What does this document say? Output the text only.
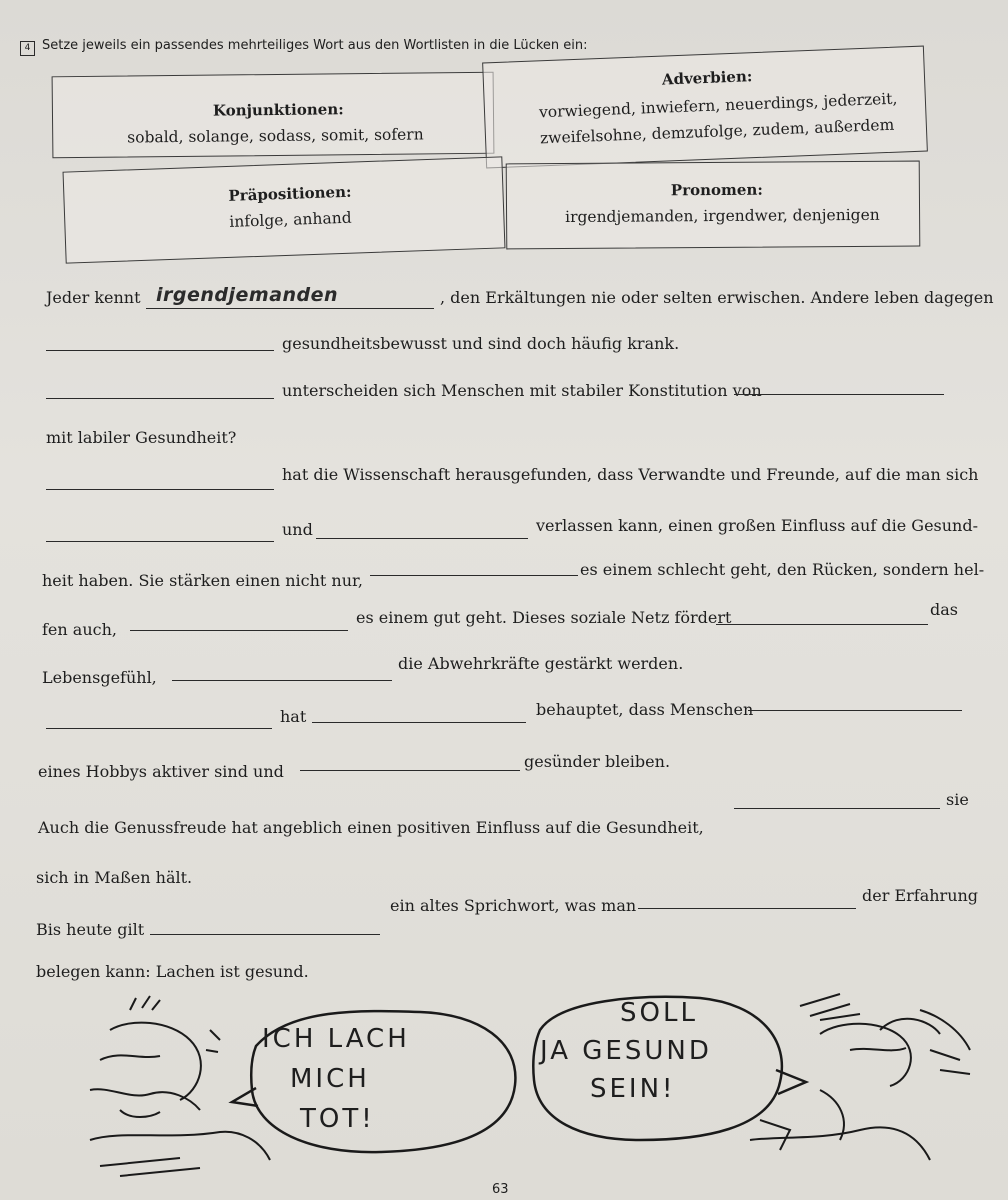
4 Setze jeweils ein passendes mehrteiliges Wort aus den Wortlisten in die Lücken ein:
Konjunktionen:
sobald, solange, sodass, somit, sofern
Adverbien:
vorwiegend, inwiefern, neuerdings, jederzeit,
zweifelsohne, demzufolge, zudem, außerdem
Präpositionen:
infolge, anhand
Pronomen:
irgendjemanden, irgendwer, denjenigen
Jeder kennt irgendjemanden	, den Erkältungen nie oder selten erwischen. Andere leben dagegen
gesundheitsbewusst und sind doch häufig krank.
unterscheiden sich Menschen mit stabiler Konstitution von
mit labiler Gesundheit?
hat die Wissenschaft herausgefunden, dass Verwandte und Freunde, auf die man sich
und	verlassen kann, einen großen Einfluss auf die Gesund-
heit haben. Sie stärken einen nicht nur,
es einem schlecht geht, den Rücken, sondern hel-
fen auch,
es einem gut geht. Dieses soziale Netz fördert	das
Lebensgefühl,
die Abwehrkräfte gestärkt werden.
hat	behauptet, dass Menschen
eines Hobbys aktiver sind und
gesünder bleiben.
Auch die Genussfreude hat angeblich einen positiven Einfluss auf die Gesundheit,
sie
sich in Maßen hält.
Bis heute gilt
ein altes Sprichwort, was man
der Erfahrung
belegen kann: Lachen ist gesund.
ICH LACH
MICH
TOT!
SOLL
JA GESUND
SEIN!
63
